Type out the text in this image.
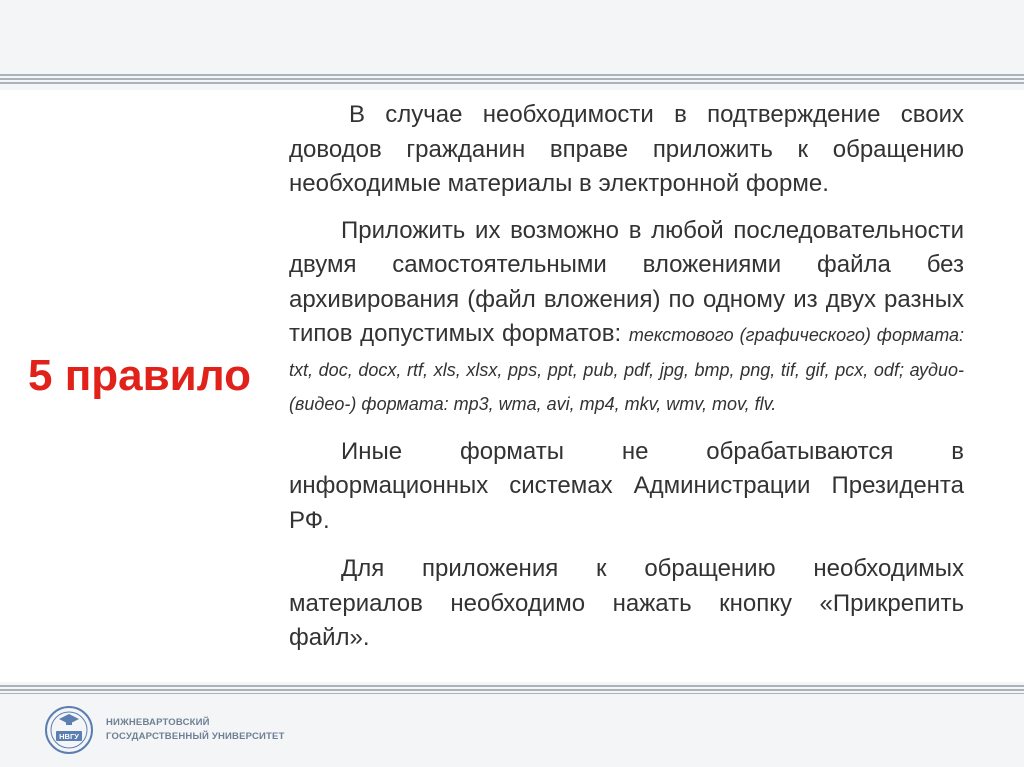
5 правило

В случае необходимости в подтверждение своих доводов гражданин вправе приложить к обращению необходимые материалы в электронной форме.

Приложить их возможно в любой последовательности двумя самостоятельными вложениями файла без архивирования (файл вложения) по одному из двух разных типов допустимых форматов: текстового (графического) формата: txt, doc, docx, rtf, xls, xlsx, pps, ppt, pub, pdf, jpg, bmp, png, tif, gif, pcx, odf; аудио- (видео-) формата: mp3, wma, avi, mp4, mkv, wmv, mov, flv.

Иные форматы не обрабатываются в информационных системах Администрации Президента РФ.

Для приложения к обращению необходимых материалов необходимо нажать кнопку «Прикрепить файл».

НВГУ
НИЖНЕВАРТОВСКИЙ
ГОСУДАРСТВЕННЫЙ УНИВЕРСИТЕТ
